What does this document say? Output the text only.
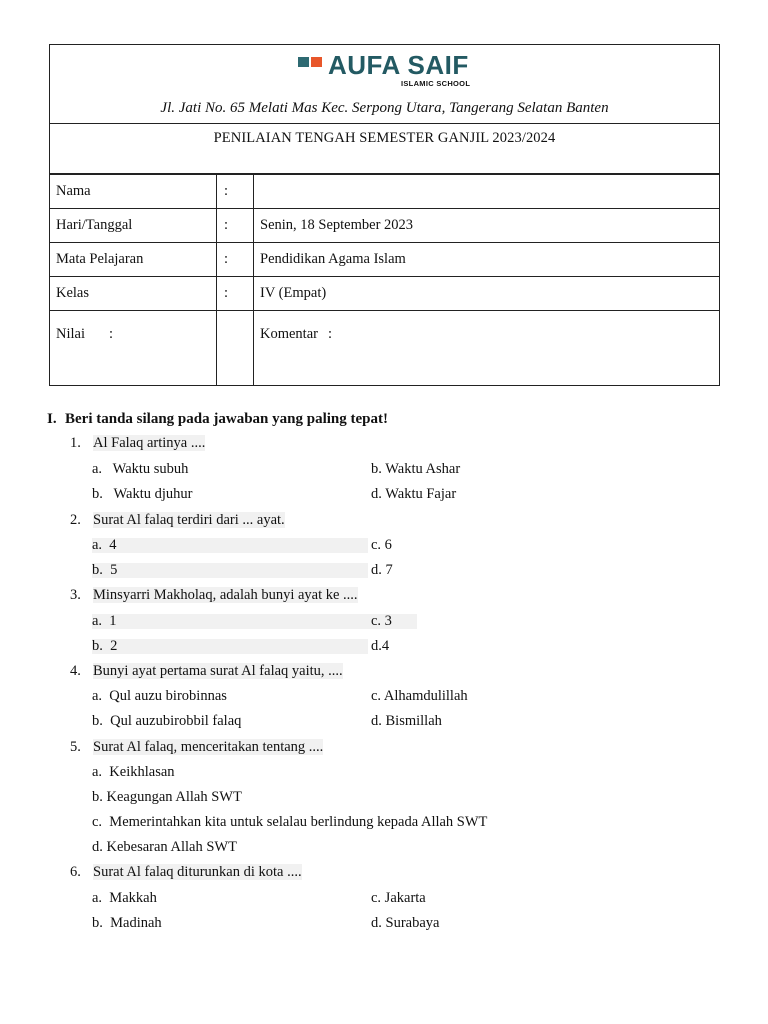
AUFA SAIF
ISLAMIC SCHOOL
Jl. Jati No. 65 Melati Mas Kec. Serpong Utara, Tangerang Selatan Banten
PENILAIAN TENGAH SEMESTER GANJIL 2023/2024
Nama	:	
Hari/Tanggal	:	Senin, 18 September 2023
Mata Pelajaran	:	Pendidikan Agama Islam
Kelas	:	IV (Empat)
Nilai :		Komentar :
I. Beri tanda silang pada jawaban yang paling tepat!
1. Al Falaq artinya ....
a.   Waktu subuh	b. Waktu Ashar
b.   Waktu djuhur	d. Waktu Fajar
2. Surat Al falaq terdiri dari ... ayat.
a.  4	c. 6
b.  5	d. 7
3. Minsyarri Makholaq, adalah bunyi ayat ke ....
a.  1	c. 3
b.  2	d.4
4. Bunyi ayat pertama surat Al falaq yaitu, ....
a.  Qul auzu birobinnas	c. Alhamdulillah
b.  Qul auzubirobbil falaq	d. Bismillah
5. Surat Al falaq, menceritakan tentang ....
a.  Keikhlasan
b. Keagungan Allah SWT
c.  Memerintahkan kita untuk selalau berlindung kepada Allah SWT
d. Kebesaran Allah SWT
6. Surat Al falaq diturunkan di kota ....
a.  Makkah	c. Jakarta
b.  Madinah	d. Surabaya
